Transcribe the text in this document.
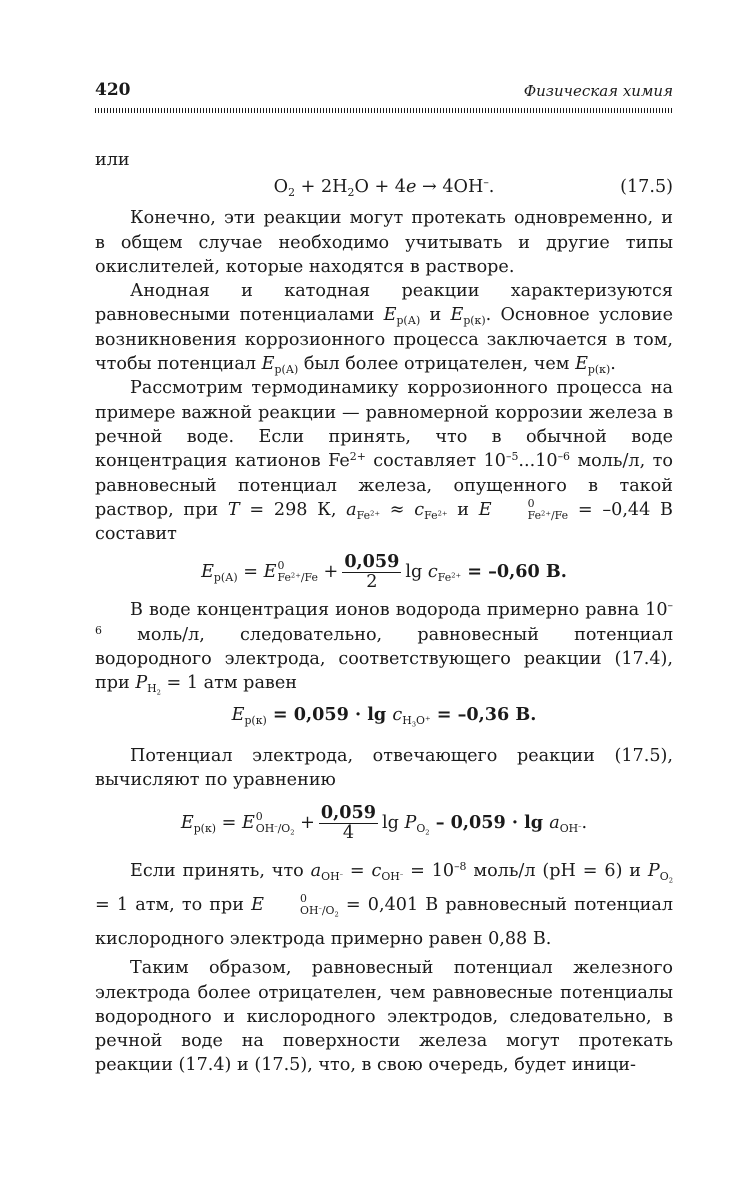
420	Физическая химия

или

$O_2 + 2H_2O + 4e \to 4OH^-$.	(17.5)

Конечно, эти реакции могут протекать одновременно, и в общем случае необходимо учитывать и другие типы окислителей, которые находятся в растворе.

Анодная и катодная реакции характеризуются равновесными потенциалами $E_{р(А)}$ и $E_{р(к)}$. Основное условие возникновения коррозионного процесса заключается в том, чтобы потенциал $E_{р(А)}$ был более отрицателен, чем $E_{р(к)}$.

Рассмотрим термодинамику коррозионного процесса на примере важной реакции — равномерной коррозии железа в речной воде. Если принять, что в обычной воде концентрация катионов $Fe^{2+}$ составляет $10^{-5}...10^{-6}$ моль/л, то равновесный потенциал железа, опущенного в такой раствор, при T = 298 К, $a_{Fe^{2+}} \approx c_{Fe^{2+}}$ и E	0
$Fe^{2+}/Fe = -0,44$ В составит

$E_{р(А)} = E$ 0
$Fe^{2+}/Fe + \frac{0,059}{2}$ $\lg c_{Fe^{2+}} = -0,60$ В.

В воде концентрация ионов водорода примерно равна $10^{-6}$ моль/л, следовательно, равновесный потенциал водородного электрода, соответствующего реакции (17.4), при $P_{H_2} = 1$ атм равен

$E_{р(к)} = 0,059 \cdot \lg c_{H_3O^+} = -0,36$ В.

Потенциал электрода, отвечающего реакции (17.5), вычисляют по уравнению

$E_{р(к)} = E$ 0
$OH^-/O_2 + \frac{0,059}{4}$ $\lg P_{O_2} - 0,059 \cdot \lg a_{OH^-}$.

Если принять, что $a_{OH^-} = c_{OH^-} = 10^{-8}$ моль/л (pH = 6) и $P_{O_2} = 1$ атм, то при E	0
$OH^-/O_2 = 0,401$ В равновесный потенциал кислородного электрода примерно равен 0,88 В.

Таким образом, равновесный потенциал железного электрода более отрицателен, чем равновесные потенциалы водородного и кислородного электродов, следовательно, в речной воде на поверхности железа могут протекать реакции (17.4) и (17.5), что, в свою очередь, будет иници-
